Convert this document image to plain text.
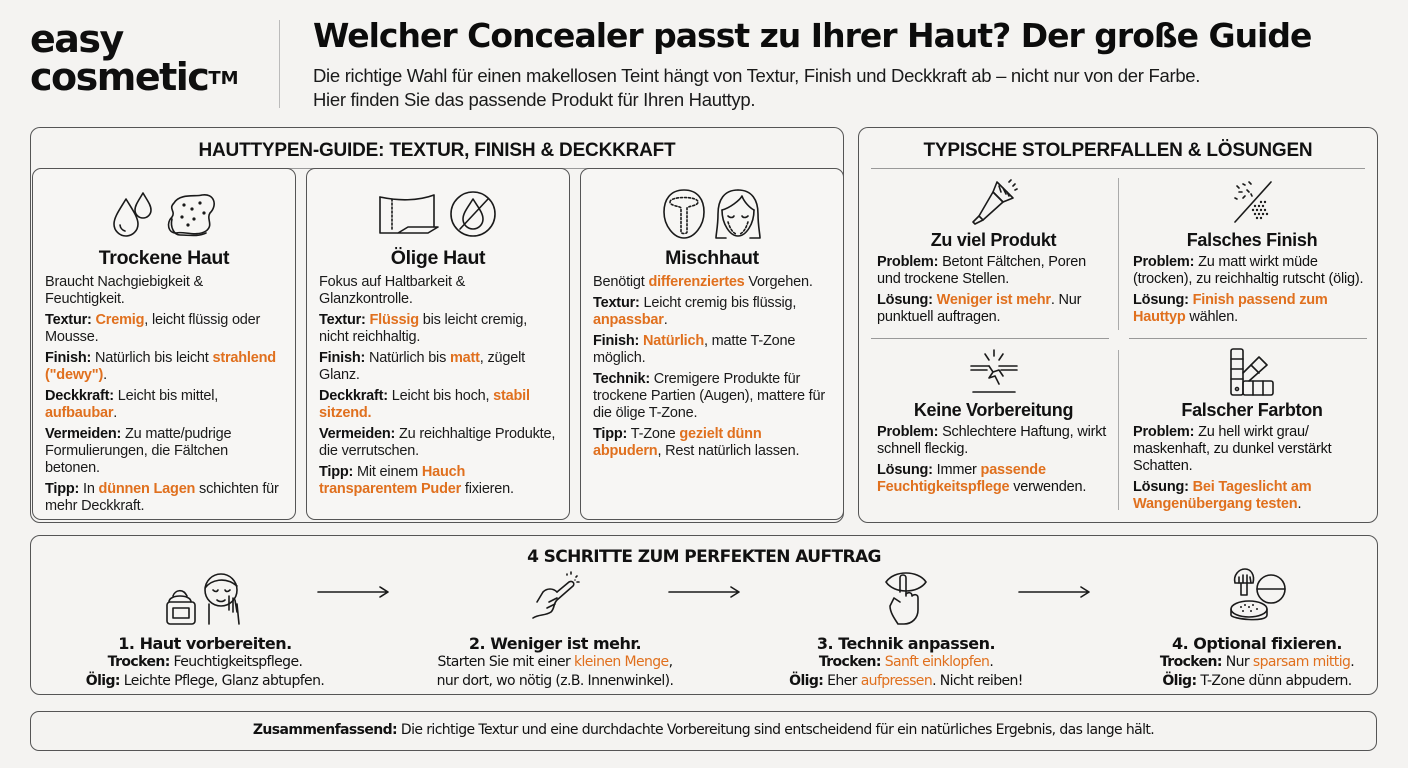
easy
cosmetic™
Welcher Concealer passt zu Ihrer Haut? Der große Guide
Die richtige Wahl für einen makellosen Teint hängt von Textur, Finish und Deckkraft ab – nicht nur von der Farbe.
Hier finden Sie das passende Produkt für Ihren Hauttyp.
HAUTTYPEN-GUIDE: TEXTUR, FINISH & DECKKRAFT
Trockene Haut

Braucht Nachgiebigkeit & Feuchtigkeit.

Textur: Cremig, leicht flüssig oder Mousse.

Finish: Natürlich bis leicht strahlend ("dewy").

Deckkraft: Leicht bis mittel, aufbaubar.

Vermeiden: Zu matte/pudrige Formulierungen, die Fältchen betonen.

Tipp: In dünnen Lagen schichten für mehr Deckkraft.

Ölige Haut

Fokus auf Haltbarkeit & Glanzkontrolle.

Textur: Flüssig bis leicht cremig, nicht reichhaltig.

Finish: Natürlich bis matt, zügelt Glanz.

Deckkraft: Leicht bis hoch, stabil sitzend.

Vermeiden: Zu reichhaltige Produkte, die verrutschen.

Tipp: Mit einem Hauch transparentem Puder fixieren.

Mischhaut

Benötigt differenziertes Vorgehen.

Textur: Leicht cremig bis flüssig, anpassbar.

Finish: Natürlich, matte T-Zone möglich.

Technik: Cremigere Produkte für trockene Partien (Augen), mattere für die ölige T-Zone.

Tipp: T-Zone gezielt dünn abpudern, Rest natürlich lassen.

TYPISCHE STOLPERFALLEN & LÖSUNGEN
Zu viel Produkt

Problem: Betont Fältchen, Poren und trockene Stellen.

Lösung: Weniger ist mehr. Nur punktuell auftragen.

Falsches Finish

Problem: Zu matt wirkt müde (trocken), zu reichhaltig rutscht (ölig).

Lösung: Finish passend zum Hauttyp wählen.

Keine Vorbereitung

Problem: Schlechtere Haftung, wirkt schnell fleckig.

Lösung: Immer passende Feuchtigkeitspflege verwenden.

Falscher Farbton

Problem: Zu hell wirkt grau/ maskenhaft, zu dunkel verstärkt Schatten.

Lösung: Bei Tageslicht am Wangenübergang testen.

4 SCHRITTE ZUM PERFEKTEN AUFTRAG
1. Haut vorbereiten.

Trocken: Feuchtigkeitspflege.

Ölig: Leichte Pflege, Glanz abtupfen.

2. Weniger ist mehr.

Starten Sie mit einer kleinen Menge,

nur dort, wo nötig (z.B. Innenwinkel).

3. Technik anpassen.

Trocken: Sanft einklopfen.

Ölig: Eher aufpressen. Nicht reiben!

4. Optional fixieren.

Trocken: Nur sparsam mittig.

Ölig: T-Zone dünn abpudern.

Zusammenfassend: Die richtige Textur und eine durchdachte Vorbereitung sind entscheidend für ein natürliches Ergebnis, das lange hält.
